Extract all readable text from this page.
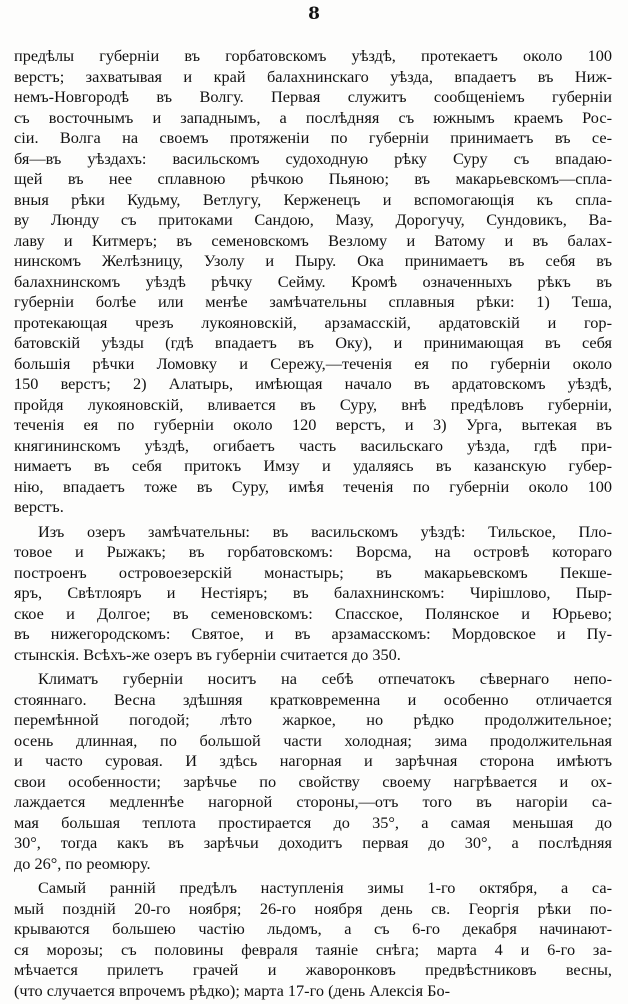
8
предѣлы губерніи въ горбатовскомъ уѣздѣ, протекаетъ около 100
верстъ; захватывая и край балахнинскаго уѣзда, впадаетъ въ Ниж-
немъ-Новгородѣ въ Волгу. Первая служитъ сообщеніемъ губерніи
съ восточнымъ и западнымъ, а послѣдняя съ южнымъ краемъ Рос-
сіи. Волга на своемъ протяженіи по губерніи принимаетъ въ се-
бя—въ уѣздахъ: васильскомъ судоходную рѣку Суру съ впадаю-
щей въ нее сплавною рѣчкою Пьяною; въ макарьевскомъ—спла-
вныя рѣки Кудьму, Ветлугу, Керженецъ и вспомогающія къ спла-
ву Люнду съ притоками Сандою, Мазу, Дорогучу, Сундовикъ, Ва-
лаву и Китмеръ; въ семеновскомъ Везлому и Ватому и въ балах-
нинскомъ Желѣзницу, Узолу и Пыру. Ока принимаетъ въ себя въ
балахнинскомъ уѣздѣ рѣчку Сейму. Кромѣ означенныхъ рѣкъ въ
губерніи болѣе или менѣе замѣчательны сплавныя рѣки: 1) Теша,
протекающая чрезъ лукояновскій, арзамасскій, ардатовскій и гор-
батовскій уѣзды (гдѣ впадаетъ въ Оку), и принимающая въ себя
большія рѣчки Ломовку и Сережу,—теченія ея по губерніи около
150 верстъ; 2) Алатырь, имѣющая начало въ ардатовскомъ уѣздѣ,
пройдя лукояновскій, вливается въ Суру, внѣ предѣловъ губерніи,
теченія ея по губерніи около 120 верстъ, и 3) Урга, вытекая въ
княгининскомъ уѣздѣ, огибаетъ часть васильскаго уѣзда, гдѣ при-
нимаетъ въ себя притокъ Имзу и удаляясь въ казанскую губер-
нію, впадаетъ тоже въ Суру, имѣя теченія по губерніи около 100
верстъ.
Изъ озеръ замѣчательны: въ васильскомъ уѣздѣ: Тильское, Пло-
товое и Рыжакъ; въ горбатовскомъ: Ворсма, на островѣ котораго
построенъ островоезерскій монастырь; въ макарьевскомъ Пекше-
яръ, Свѣтлояръ и Нестіяръ; въ балахнинскомъ: Чирішлово, Пыр-
ское и Долгое; въ семеновскомъ: Спасское, Полянское и Юрьево;
въ нижегородскомъ: Святое, и въ арзамасскомъ: Мордовское и Пу-
стынскія. Всѣхъ-же озеръ въ губерніи считается до 350.
Климатъ губерніи носитъ на себѣ отпечатокъ сѣвернаго непо-
стояннаго. Весна здѣшняя кратковременна и особенно отличается
перемѣнной погодой; лѣто жаркое, но рѣдко продолжительное;
осень длинная, по большой части холодная; зима продолжительная
и часто суровая. И здѣсь нагорная и зарѣчная сторона имѣютъ
свои особенности; зарѣчье по свойству своему нагрѣвается и ох-
лаждается медленнѣе нагорной стороны,—отъ того въ нагоріи са-
мая большая теплота простирается до 35°, а самая меньшая до
30°, тогда какъ въ зарѣчьи доходитъ первая до 30°, а послѣдняя
до 26°, по реомюру.
Самый ранній предѣлъ наступленія зимы 1-го октября, а са-
мый поздній 20-го ноября; 26-го ноября день св. Георгія рѣки по-
крываются большею частію льдомъ, а съ 6-го декабря начинают-
ся морозы; съ половины февраля таяніе снѣга; марта 4 и 6-го за-
мѣчается прилетъ грачей и жаворонковъ предвѣстниковъ весны,
(что случается впрочемъ рѣдко); марта 17-го (день Алексія Бо-
